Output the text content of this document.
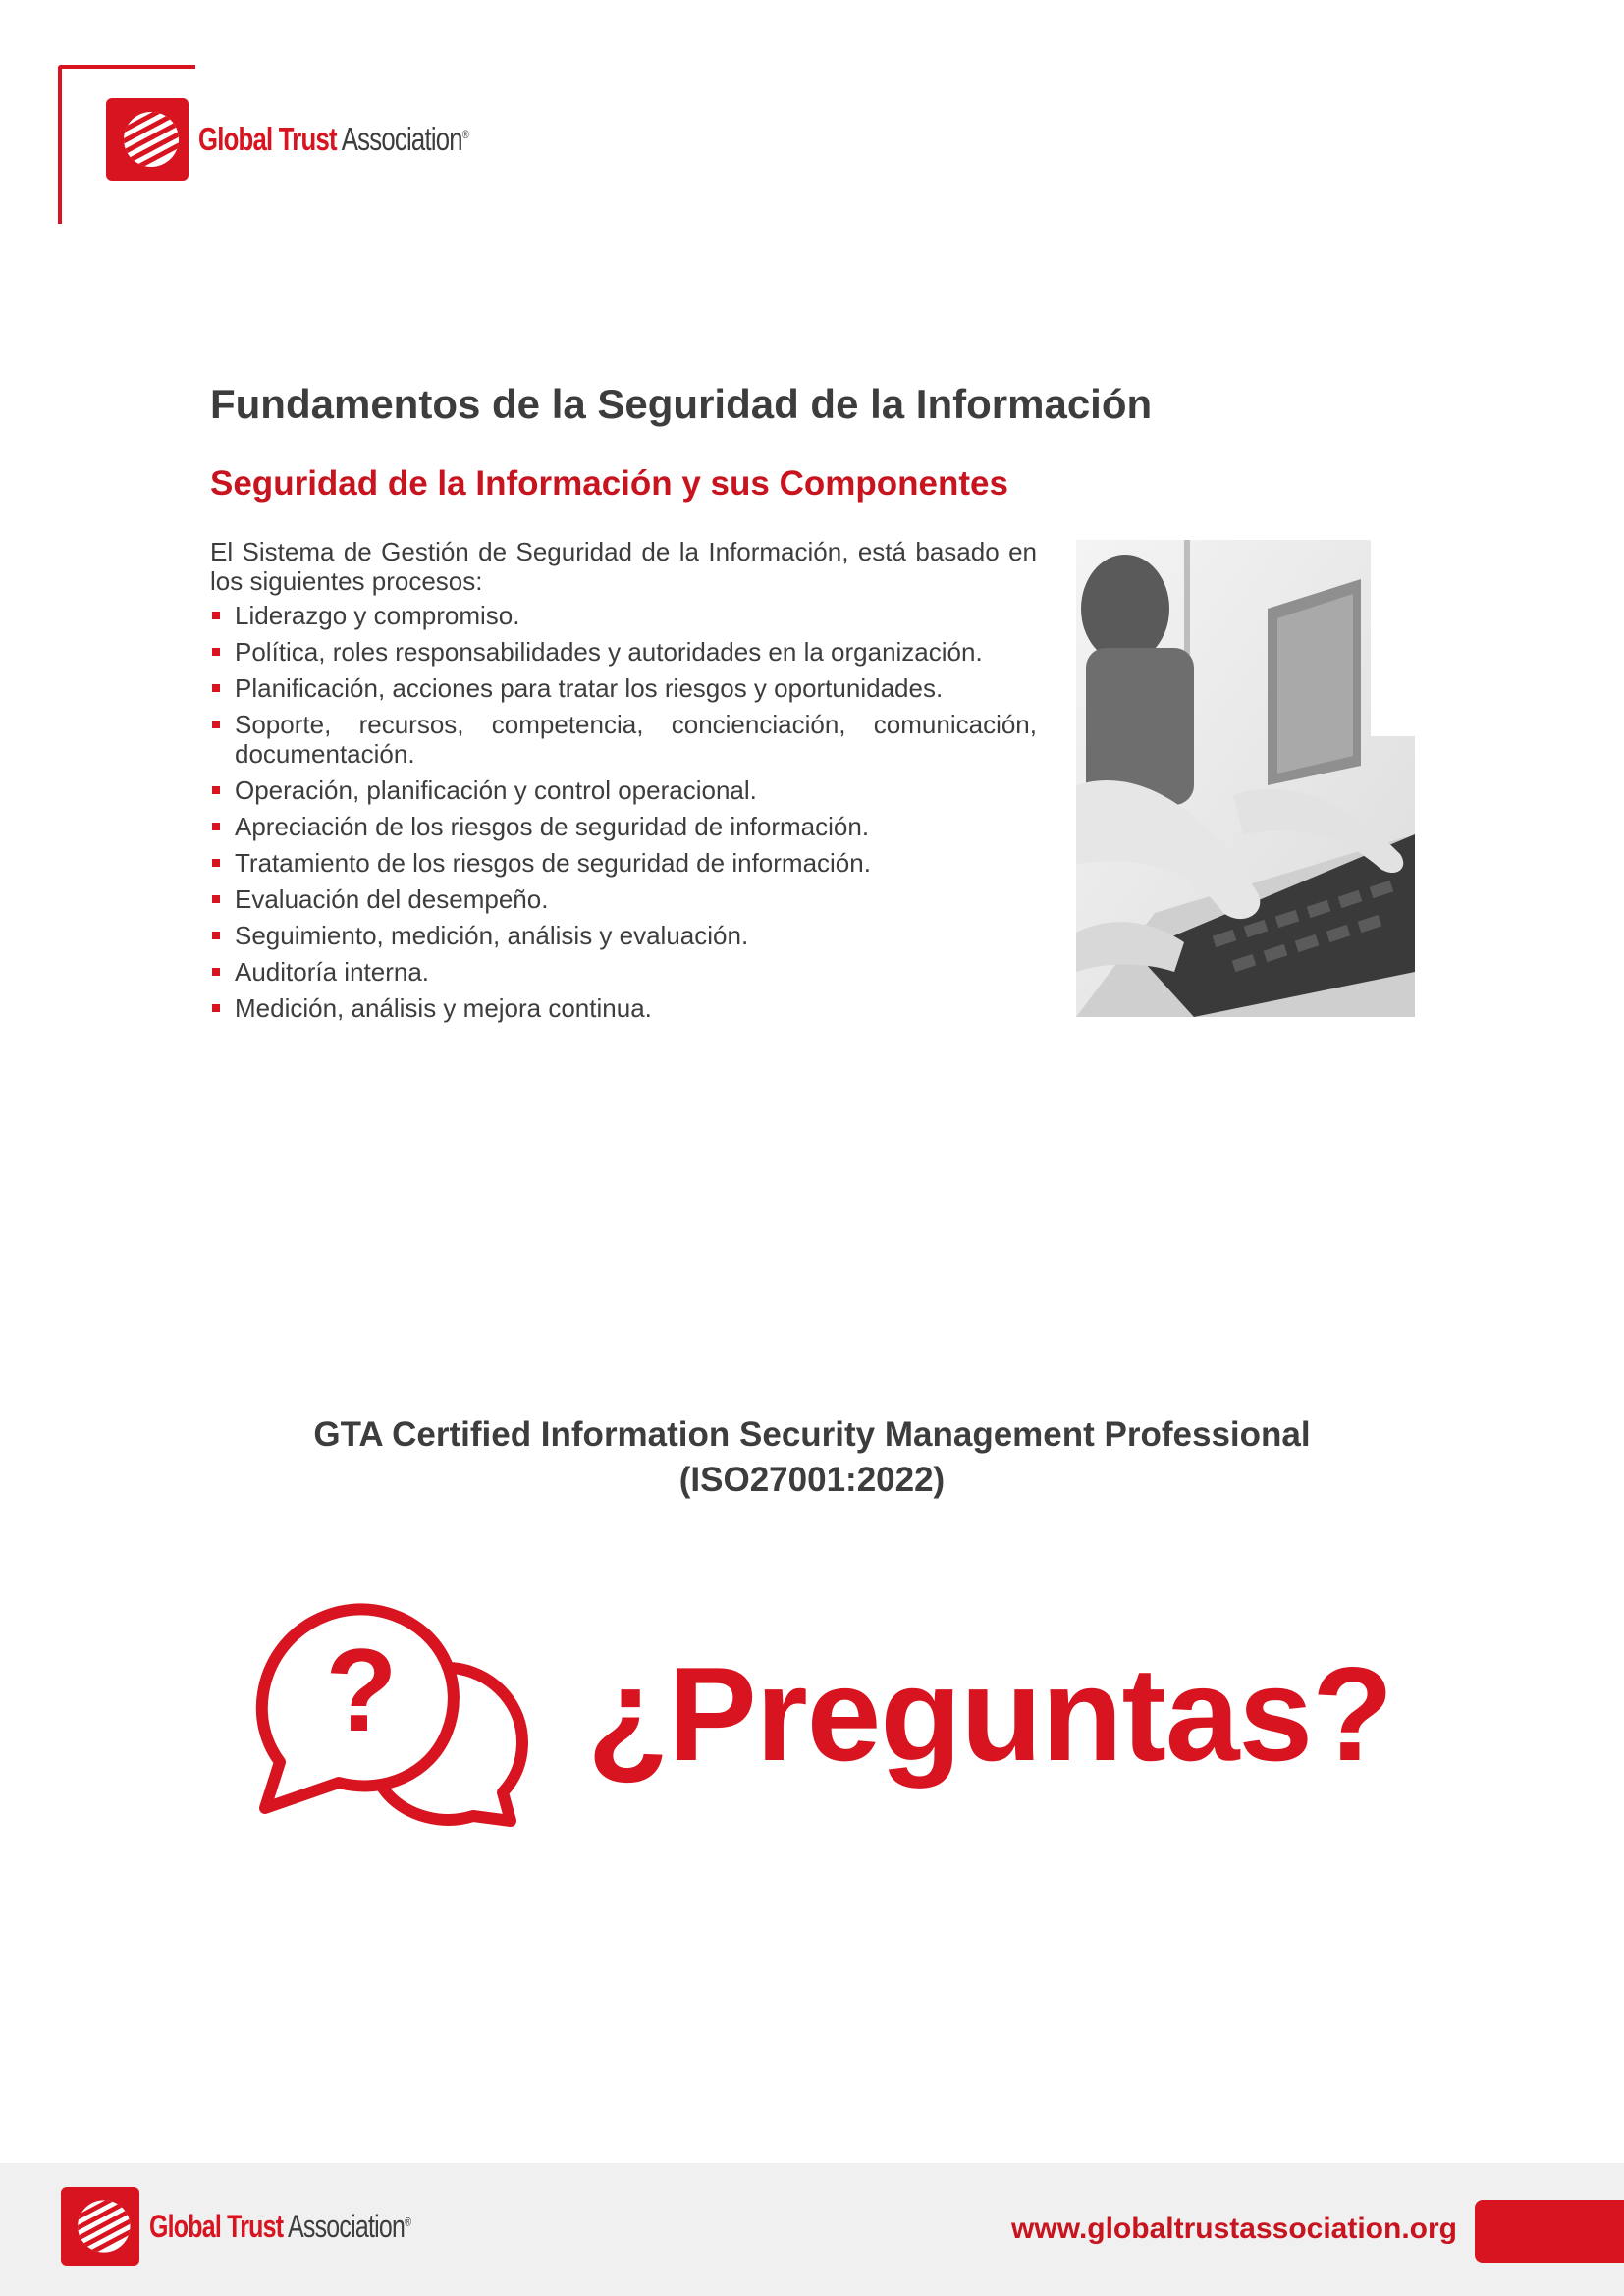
Global Trust Association®
Fundamentos de la Seguridad de la Información
Seguridad de la Información y sus Componentes

El Sistema de Gestión de Seguridad de la Información, está basado en los siguientes procesos:

Liderazgo y compromiso.
Política, roles responsabilidades y autoridades en la organización.
Planificación, acciones para tratar los riesgos y oportunidades.
Soporte, recursos, competencia, concienciación, comunicación, documentación.
Operación, planificación y control operacional.
Apreciación de los riesgos de seguridad de información.
Tratamiento de los riesgos de seguridad de información.
Evaluación del desempeño.
Seguimiento, medición, análisis y evaluación.
Auditoría interna.
Medición, análisis y mejora continua.

GTA Certified Information Security Management Professional

(ISO27001:2022)

? ¿Preguntas?

Global Trust Association®	www.globaltrustassociation.org
